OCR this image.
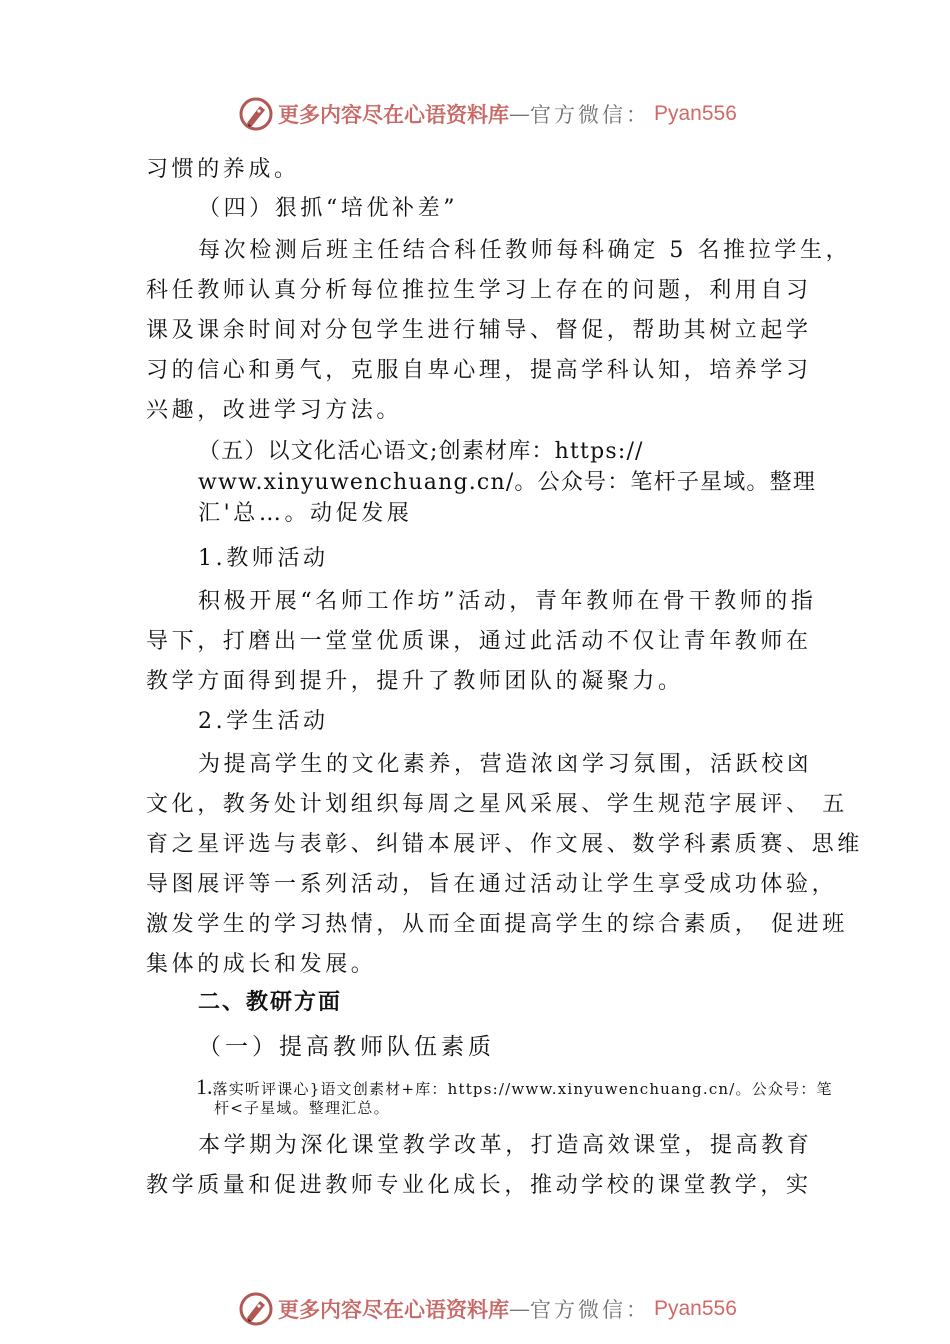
更多内容尽在心语资料库 — 官方微信： Pyan556
习惯的养成。
（四）狠抓“培优补差”
每次检测后班主任结合科任教师每科确定 5 名推拉学生，
科任教师认真分析每位推拉生学习上存在的问题，利用自习
课及课余时间对分包学生进行辅导、督促，帮助其树立起学
习的信心和勇气，克服自卑心理，提高学科认知，培养学习
兴趣，改进学习方法。
（五）以文化活心语文;创素材库：https://
www.xinyuwenchuang.cn/。公众号：笔杆子星域。整理
汇'总…。动促发展
1.教师活动
积极开展“名师工作坊”活动，青年教师在骨干教师的指
导下，打磨出一堂堂优质课，通过此活动不仅让青年教师在
教学方面得到提升，提升了教师团队的凝聚力。
2.学生活动
为提高学生的文化素养，营造浓㓙学习氛围，活跃校㓙
文化，教务处计划组织每周之星风采展、学生规范字展评、 五
育之星评选与表彰、纠错本展评、作文展、数学科素质赛、思维
导图展评等一系列活动，旨在通过活动让学生享受成功体验，
激发学生的学习热情，从而全面提高学生的综合素质， 促进班
集体的成长和发展。
二、教研方面
（一）提高教师队伍素质
1.落实听评课心}语文创素材+库：https://www.xinyuwenchuang.cn/。公众号：笔
杆<子星域。整理汇总。
本学期为深化课堂教学改革，打造高效课堂，提高教育
教学质量和促进教师专业化成长，推动学校的课堂教学，实
更多内容尽在心语资料库 — 官方微信： Pyan556
